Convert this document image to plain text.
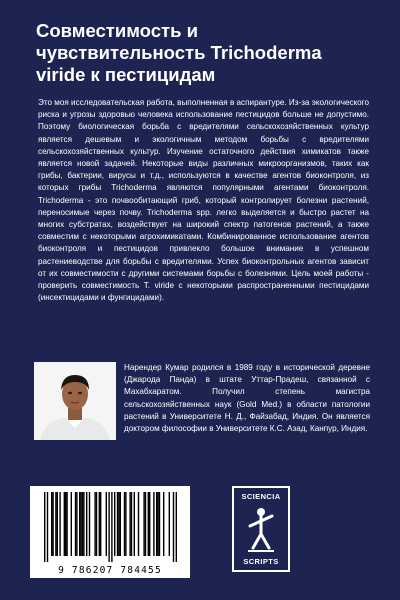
Совместимость и
чувствительность Trichoderma
viride к пестицидам

Это моя исследовательская работа, выполненная в аспирантуре. Из-за экологического риска и угрозы здоровью человека использование пестицидов больше не допустимо. Поэтому биологическая борьба с вредителями сельскохозяйственных культур является дешевым и экологичным методом борьбы с вредителями сельскохозяйственных культур. Изучение остаточного действия химикатов также является новой задачей. Некоторые виды различных микроорганизмов, таких как грибы, бактерии, вирусы и т.д., используются в качестве агентов биоконтроля, из которых грибы Trichoderma являются популярными агентами биоконтроля. Trichoderma - это почвообитающий гриб, который контролирует болезни растений, переносимые через почву. Trichoderma spp. легко выделяется и быстро растет на многих субстратах, воздействует на широкий спектр патогенов растений, а также совместим с некоторыми агрохимикатами. Комбинированное использование агентов биоконтроля и пестицидов привлекло большое внимание в успешном растениеводстве для борьбы с вредителями. Успех биоконтрольных агентов зависит от их совместимости с другими системами борьбы с болезнями. Цель моей работы - проверить совместимость T. viride с некоторыми распространенными пестицидами (инсектицидами и фунгицидами).

Нарендер Кумар родился в 1989 году в исторической деревне (Джарода Панда) в штате Уттар-Прадеш, связанной с Махабхаратом. Получил степень магистра сельскохозяйственных наук (Gold Med.) в области патологии растений в Университете Н. Д., Файзабад, Индия. Он является доктором философии в Университете К.С. Азад, Канпур, Индия.

9 786207 784455
SCIENCIA
SCRIPTS
